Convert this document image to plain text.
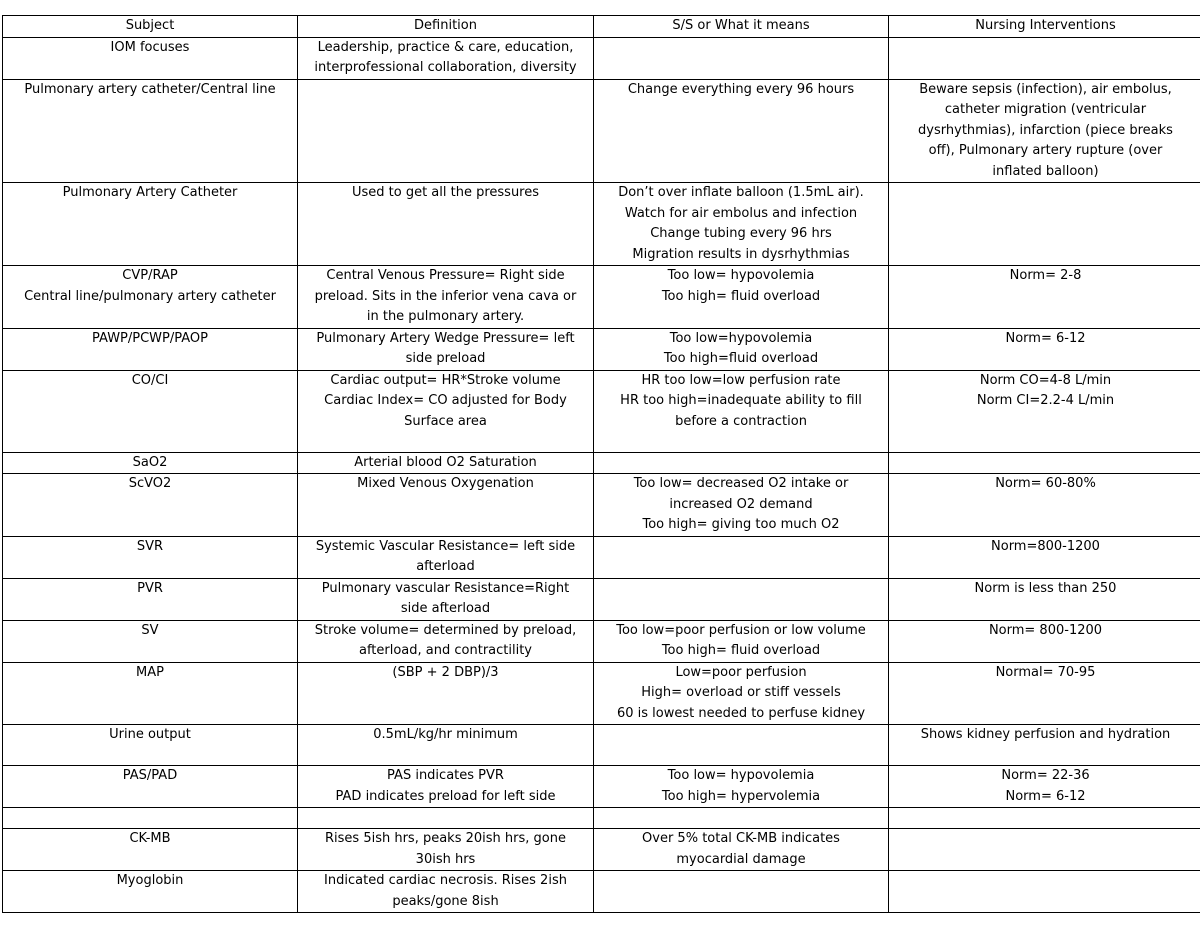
Subject	Definition	S/S or What it means	Nursing Interventions
IOM focuses	Leadership, practice & care, education,
interprofessional collaboration, diversity		
Pulmonary artery catheter/Central line		Change everything every 96 hours	Beware sepsis (infection), air embolus,
catheter migration (ventricular
dysrhythmias), infarction (piece breaks
off), Pulmonary artery rupture (over
inflated balloon)
Pulmonary Artery Catheter	Used to get all the pressures	Don’t over inflate balloon (1.5mL air).
Watch for air embolus and infection
Change tubing every 96 hrs
Migration results in dysrhythmias	
CVP/RAP
Central line/pulmonary artery catheter	Central Venous Pressure= Right side
preload. Sits in the inferior vena cava or
in the pulmonary artery.	Too low= hypovolemia
Too high= fluid overload	Norm= 2-8
PAWP/PCWP/PAOP	Pulmonary Artery Wedge Pressure= left
side preload	Too low=hypovolemia
Too high=fluid overload	Norm= 6-12
CO/CI	Cardiac output= HR*Stroke volume
Cardiac Index= CO adjusted for Body
Surface area	HR too low=low perfusion rate
HR too high=inadequate ability to fill
before a contraction	Norm CO=4-8 L/min
Norm CI=2.2-4 L/min
SaO2	Arterial blood O2 Saturation		
ScVO2	Mixed Venous Oxygenation	Too low= decreased O2 intake or
increased O2 demand
Too high= giving too much O2	Norm= 60-80%
SVR	Systemic Vascular Resistance= left side
afterload		Norm=800-1200
PVR	Pulmonary vascular Resistance=Right
side afterload		Norm is less than 250
SV	Stroke volume= determined by preload,
afterload, and contractility	Too low=poor perfusion or low volume
Too high= fluid overload	Norm= 800-1200
MAP	(SBP + 2 DBP)/3	Low=poor perfusion
High= overload or stiff vessels
60 is lowest needed to perfuse kidney	Normal= 70-95
Urine output	0.5mL/kg/hr minimum		Shows kidney perfusion and hydration
PAS/PAD	PAS indicates PVR
PAD indicates preload for left side	Too low= hypovolemia
Too high= hypervolemia	Norm= 22-36
Norm= 6-12

CK-MB	Rises 5ish hrs, peaks 20ish hrs, gone
30ish hrs	Over 5% total CK-MB indicates
myocardial damage	
Myoglobin	Indicated cardiac necrosis. Rises 2ish
peaks/gone 8ish		
